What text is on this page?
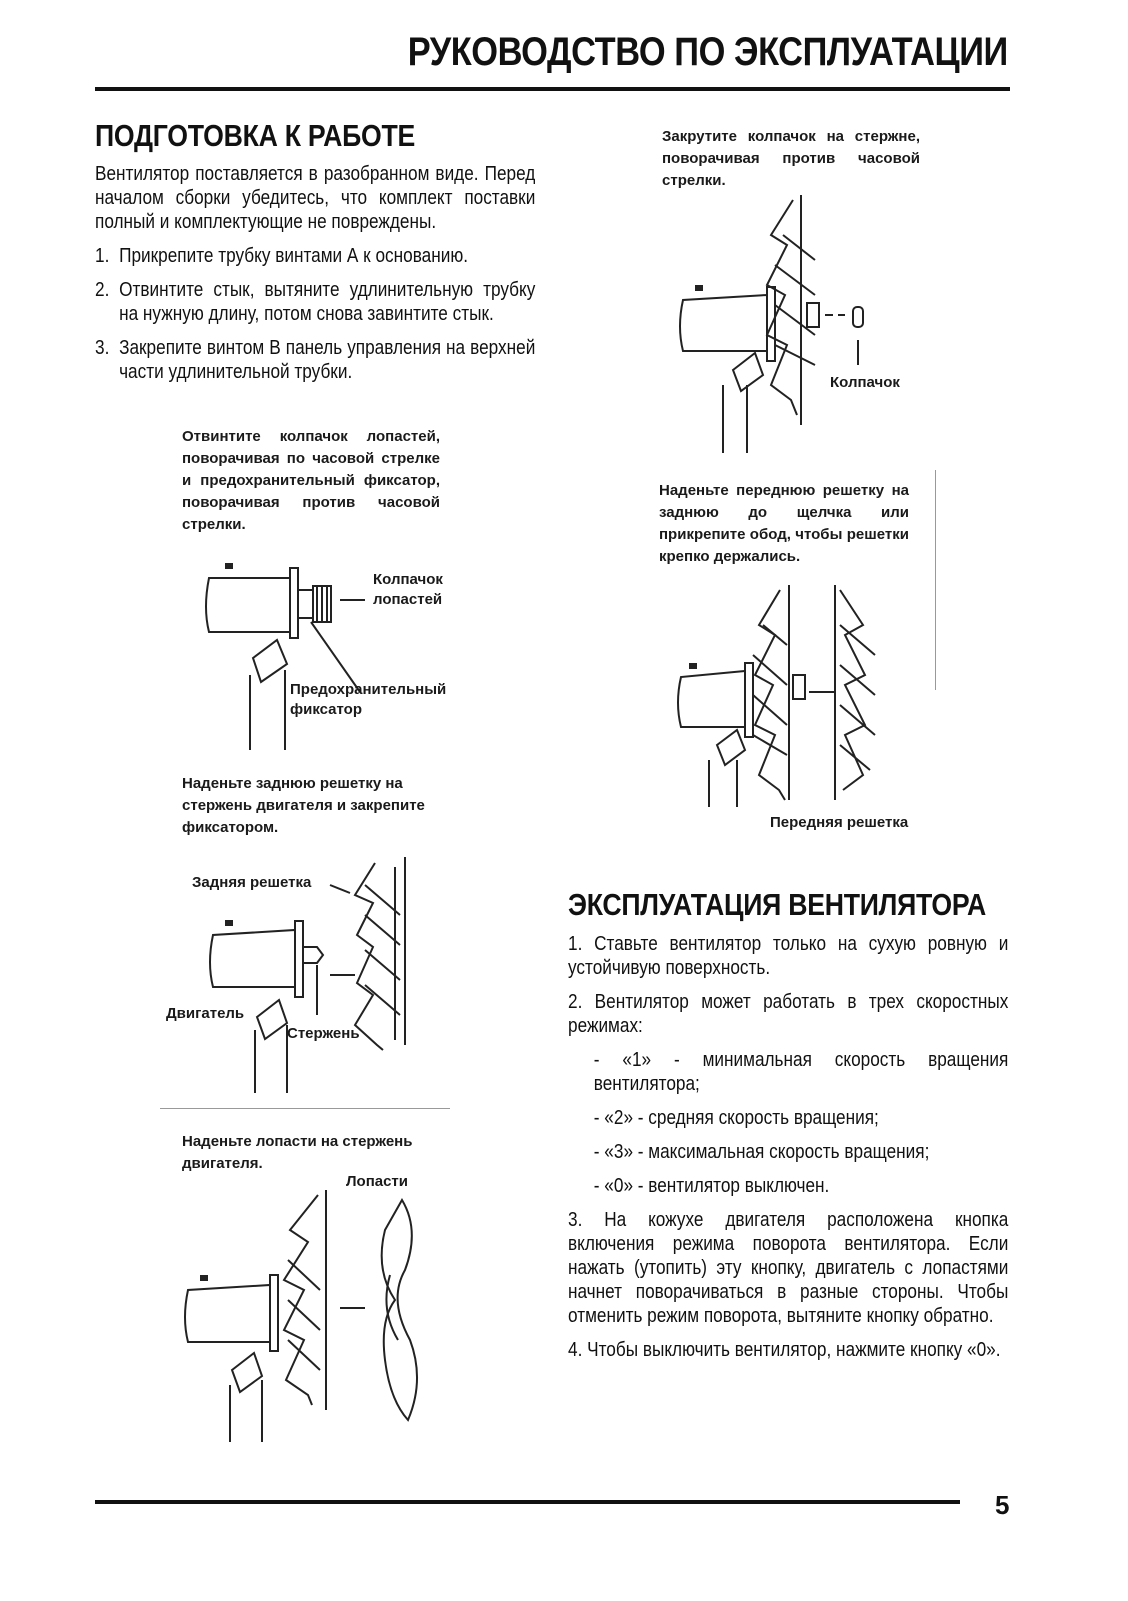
РУКОВОДСТВО ПО ЭКСПЛУАТАЦИИ
ПОДГОТОВКА К РАБОТЕ

Вентилятор поставляется в разобранном виде. Перед началом сборки убедитесь, что комплект поставки полный и комплектующие не повреждены.

1. Прикрепите трубку винтами А к основанию.
2. Отвинтите стык, вытяните удлинительную трубку на нужную длину, потом снова завинтите стык.
3. Закрепите винтом В панель управления на верхней части удлинительной трубки.
Отвинтите колпачок лопастей, поворачивая по часовой стрелке и предохранительный фиксатор, поворачивая против часовой стрелки.
Колпачок
лопастей
Предохранительный
фиксатор
Наденьте заднюю решетку на стержень двигателя и закрепите фиксатором.
Задняя решетка
Двигатель
Стержень
Наденьте лопасти на стержень двигателя.
Лопасти
Закрутите колпачок на стержне, поворачивая против часовой стрелки.
Колпачок
Наденьте переднюю решетку на заднюю до щелчка или прикрепите обод, чтобы решетки крепко держались.
Передняя решетка
ЭКСПЛУАТАЦИЯ ВЕНТИЛЯТОРА

1. Ставьте вентилятор только на сухую ровную и устойчивую поверхность.

2. Вентилятор может работать в трех скоростных режимах:

- «1» - минимальная скорость вращения вентилятора;

- «2» - средняя скорость вращения;

- «3» - максимальная скорость вращения;

- «0» - вентилятор выключен.

3. На кожухе двигателя расположена кнопка включения режима поворота вентилятора. Если нажать (утопить) эту кнопку, двигатель с лопастями начнет поворачиваться в разные стороны. Чтобы отменить режим поворота, вытяните кнопку обратно.

4. Чтобы выключить вентилятор, нажмите кнопку «0».

5
